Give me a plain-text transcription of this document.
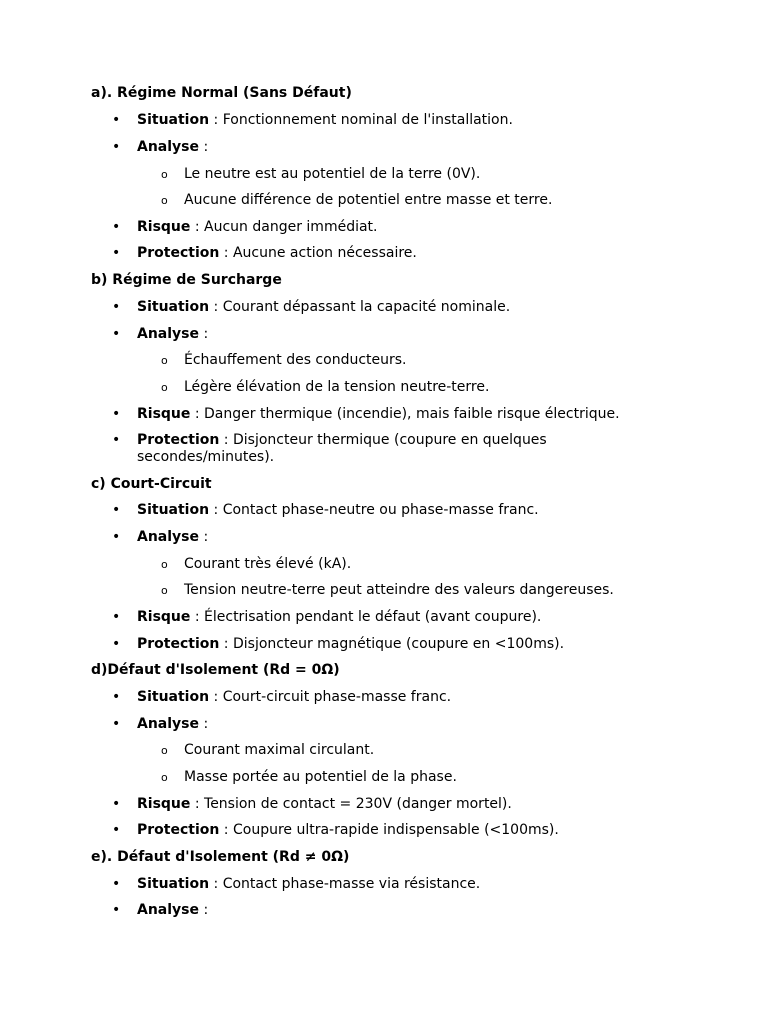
a). Régime Normal (Sans Défaut)

• Situation : Fonctionnement nominal de l'installation.

• Analyse :

o Le neutre est au potentiel de la terre (0V).

o Aucune différence de potentiel entre masse et terre.

• Risque : Aucun danger immédiat.

• Protection : Aucune action nécessaire.

b) Régime de Surcharge

• Situation : Courant dépassant la capacité nominale.

• Analyse :

o Échauffement des conducteurs.

o Légère élévation de la tension neutre-terre.

• Risque : Danger thermique (incendie), mais faible risque électrique.

• Protection : Disjoncteur thermique (coupure en quelques

secondes/minutes).

c) Court-Circuit

• Situation : Contact phase-neutre ou phase-masse franc.

• Analyse :

o Courant très élevé (kA).

o Tension neutre-terre peut atteindre des valeurs dangereuses.

• Risque : Électrisation pendant le défaut (avant coupure).

• Protection : Disjoncteur magnétique (coupure en <100ms).

d)Défaut d'Isolement (Rd = 0Ω)

• Situation : Court-circuit phase-masse franc.

• Analyse :

o Courant maximal circulant.

o Masse portée au potentiel de la phase.

• Risque : Tension de contact = 230V (danger mortel).

• Protection : Coupure ultra-rapide indispensable (<100ms).

e). Défaut d'Isolement (Rd ≠ 0Ω)

• Situation : Contact phase-masse via résistance.

• Analyse :
